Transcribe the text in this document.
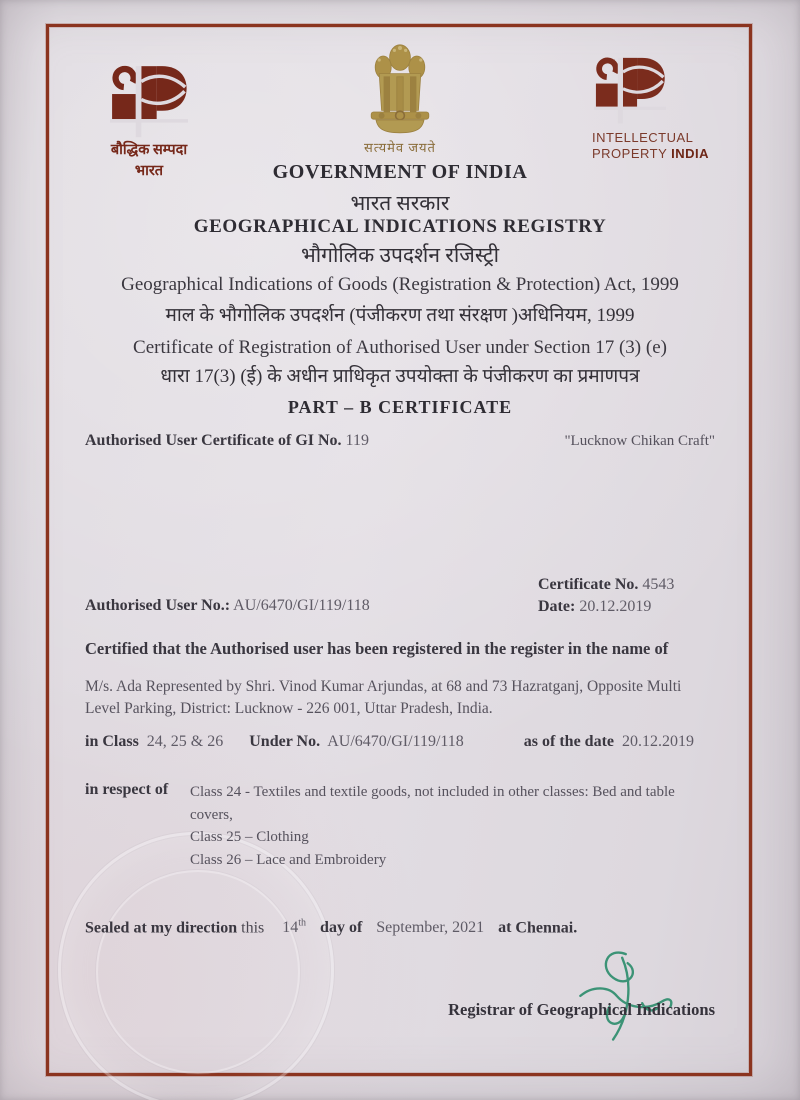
बौद्धिक सम्पदा
भारत
सत्यमेव जयते
INTELLECTUAL
PROPERTY INDIA
GOVERNMENT OF INDIA
भारत सरकार
GEOGRAPHICAL INDICATIONS REGISTRY
भौगोलिक उपदर्शन रजिस्ट्री
Geographical Indications of Goods (Registration & Protection) Act, 1999
माल के भौगोलिक उपदर्शन (पंजीकरण तथा संरक्षण )अधिनियम, 1999
Certificate of Registration of Authorised User under Section 17 (3) (e)
धारा 17(3) (ई) के अधीन प्राधिकृत उपयोक्ता के पंजीकरण का प्रमाणपत्र
PART – B CERTIFICATE
Authorised User Certificate of GI No. 119	"Lucknow Chikan Craft"
Certificate No. 4543
Date: 20.12.2019
Authorised User No.: AU/6470/GI/119/118
Certified that the Authorised user has been registered in the register in the name of
M/s. Ada Represented by Shri. Vinod Kumar Arjundas, at 68 and 73 Hazratganj, Opposite Multi Level Parking, District: Lucknow - 226 001, Uttar Pradesh, India.
in Class 24, 25 & 26 Under No. AU/6470/GI/119/118	as of the date 20.12.2019
in respect of	Class 24 - Textiles and textile goods, not included in other classes: Bed and table covers,
Class 25 – Clothing
Class 26 – Lace and Embroidery
Sealed at my direction this 14th day of September, 2021 at Chennai.
Registrar of Geographical Indications
